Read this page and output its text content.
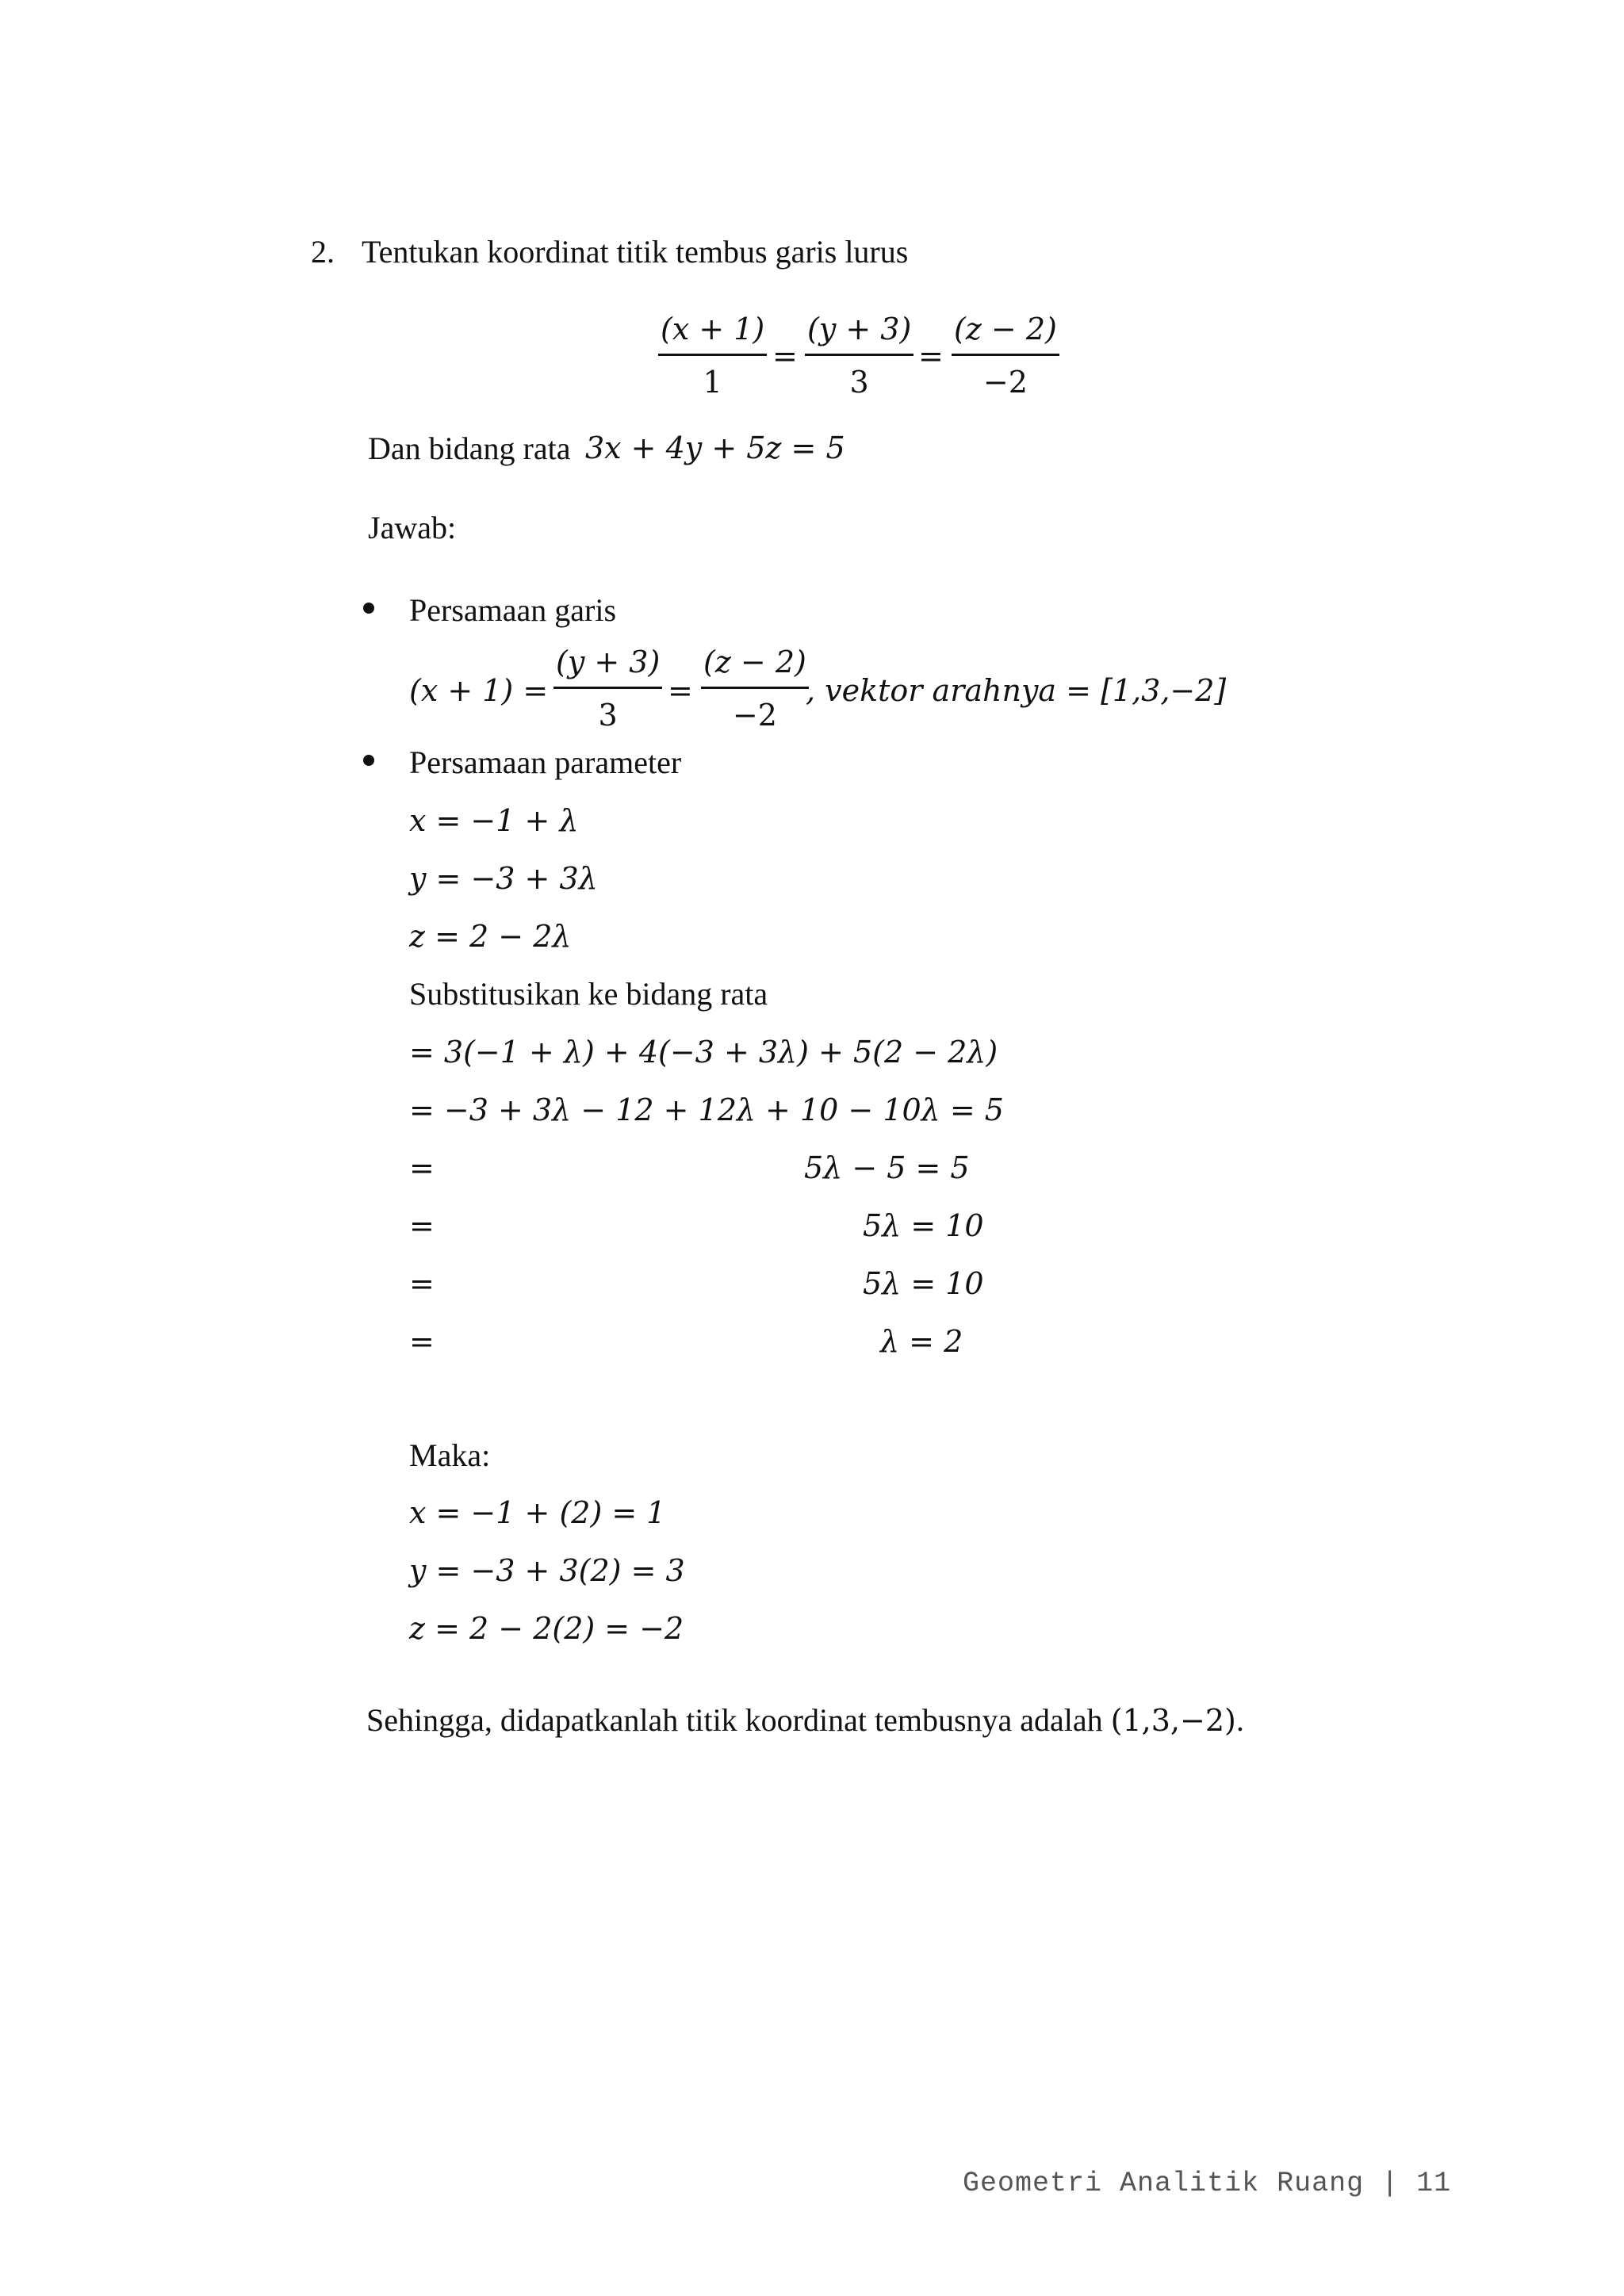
2. Tentukan koordinat titik tembus garis lurus
(x + 1)
1
=
(y + 3)
3
=
(z − 2)
−2
Dan bidang rata 3x + 4y + 5z = 5
Jawab:
Persamaan garis
(x + 1) =
(y + 3)
3
=
(z − 2)
−2
, vektor arahnya = [1,3,−2]
Persamaan parameter
x = −1 + λ
y = −3 + 3λ
z = 2 − 2λ
Substitusikan ke bidang rata
= 3(−1 + λ) + 4(−3 + 3λ) + 5(2 − 2λ)
= −3 + 3λ − 12 + 12λ + 10 − 10λ = 5
=	5λ − 5 = 5
=	5λ = 10
=	5λ = 10
=	λ = 2
Maka:
x = −1 + (2) = 1
y = −3 + 3(2) = 3
z = 2 − 2(2) = −2

Sehingga, didapatkanlah titik koordinat tembusnya adalah (1,3,−2).

Geometri Analitik Ruang | 11
